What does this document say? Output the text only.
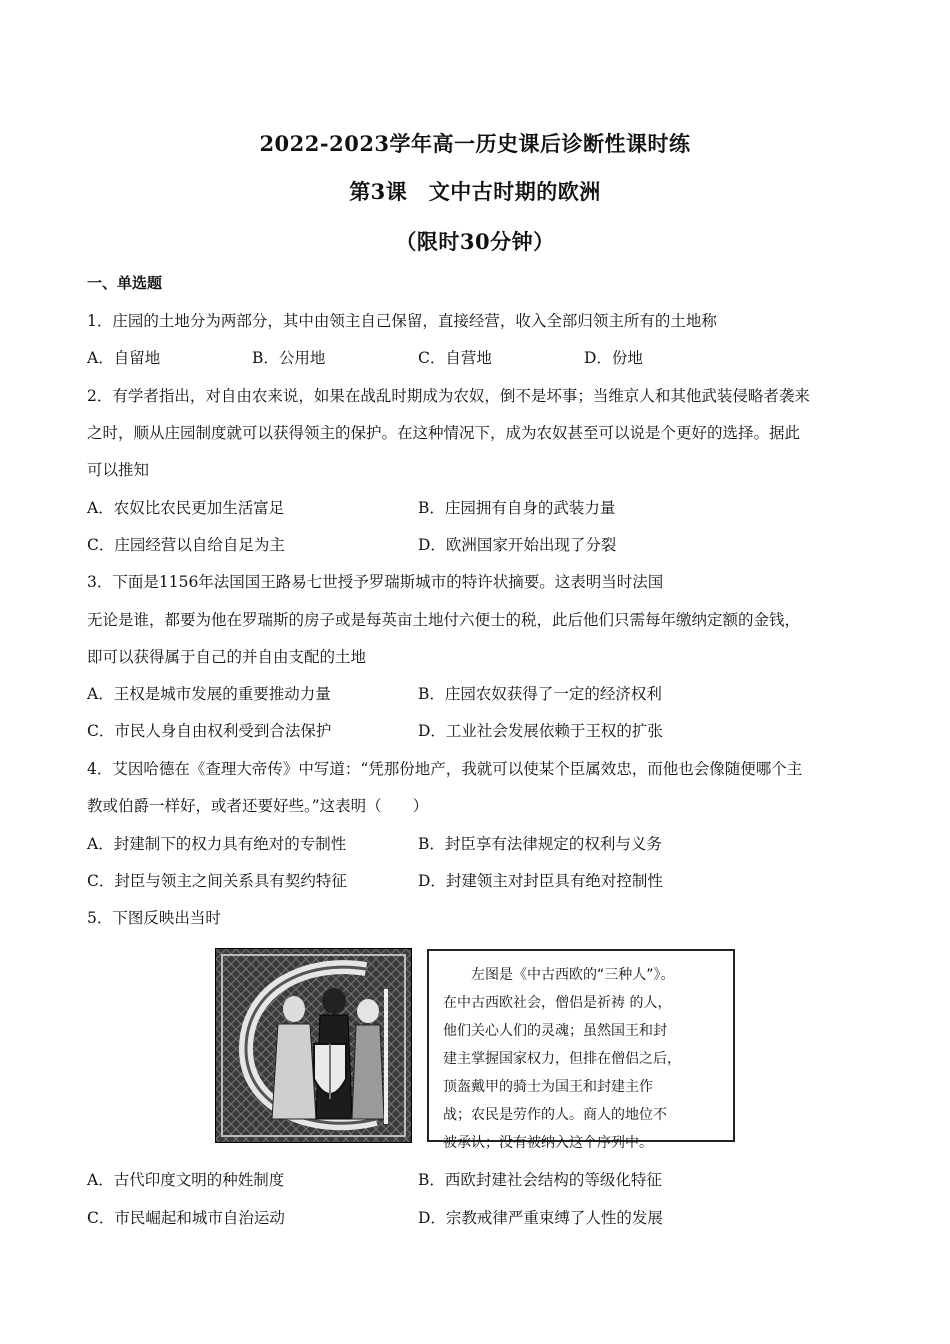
2022-2023学年高一历史课后诊断性课时练
第3课　文中古时期的欧洲
（限时30分钟）
一、单选题
1．庄园的土地分为两部分，其中由领主自己保留，直接经营，收入全部归领主所有的土地称
A．自留地	B．公用地	C．自营地	D．份地
2．有学者指出，对自由农来说，如果在战乱时期成为农奴，倒不是坏事；当维京人和其他武装侵略者袭来
之时，顺从庄园制度就可以获得领主的保护。在这种情况下，成为农奴甚至可以说是个更好的选择。据此
可以推知
A．农奴比农民更加生活富足	B．庄园拥有自身的武装力量
C．庄园经营以自给自足为主	D．欧洲国家开始出现了分裂
3．下面是1156年法国国王路易七世授予罗瑞斯城市的特许状摘要。这表明当时法国
无论是谁，都要为他在罗瑞斯的房子或是每英亩土地付六便士的税，此后他们只需每年缴纳定额的金钱，
即可以获得属于自己的并自由支配的土地
A．王权是城市发展的重要推动力量	B．庄园农奴获得了一定的经济权利
C．市民人身自由权利受到合法保护	D．工业社会发展依赖于王权的扩张
4．艾因哈德在《查理大帝传》中写道：“凭那份地产，我就可以使某个臣属效忠，而他也会像随便哪个主
教或伯爵一样好，或者还要好些。”这表明（　　）
A．封建制下的权力具有绝对的专制性	B．封臣享有法律规定的权利与义务
C．封臣与领主之间关系具有契约特征	D．封建领主对封臣具有绝对控制性
5．下图反映出当时
左图是《中古西欧的“三种人”》。
在中古西欧社会，僧侣是祈祷 的人，
他们关心人们的灵魂；虽然国王和封
建主掌握国家权力，但排在僧侣之后，
顶盔戴甲的骑士为国王和封建主作
战；农民是劳作的人。商人的地位不
被承认；没有被纳入这个序列中。
A．古代印度文明的种姓制度	B．西欧封建社会结构的等级化特征
C．市民崛起和城市自治运动	D．宗教戒律严重束缚了人性的发展
